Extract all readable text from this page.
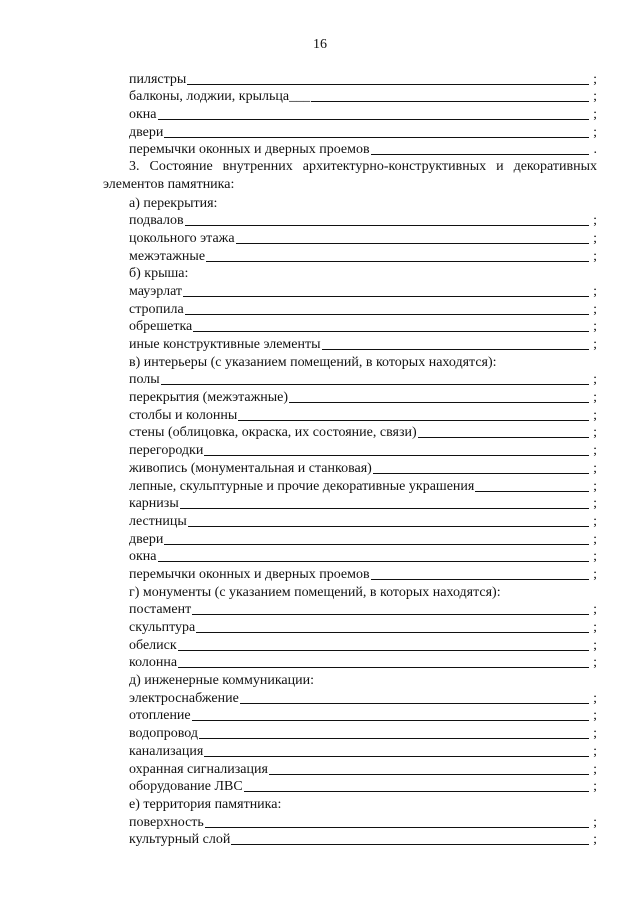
16
пилястры	;
балконы, лоджии, крыльца___	;
окна	;
двери	;
перемычки оконных и дверных проемов	.
3. Состояние внутренних архитектурно-конструктивных и декоративных
элементов памятника:
а) перекрытия:
подвалов	;
цокольного этажа	;
межэтажные	;
б) крыша:
мауэрлат	;
стропила	;
обрешетка	;
иные конструктивные элементы	;
в) интерьеры (с указанием помещений, в которых находятся):
полы	;
перекрытия (межэтажные)	;
столбы и колонны	;
стены (облицовка, окраска, их состояние, связи)	;
перегородки	;
живопись (монументальная и станковая)	;
лепные, скульптурные и прочие декоративные украшения	;
карнизы	;
лестницы	;
двери	;
окна	;
перемычки оконных и дверных проемов	;
г) монументы (с указанием помещений, в которых находятся):
постамент	;
скульптура	;
обелиск	;
колонна	;
д) инженерные коммуникации:
электроснабжение	;
отопление	;
водопровод	;
канализация	;
охранная сигнализация	;
оборудование ЛВС	;
е) территория памятника:
поверхность	;
культурный слой	;
